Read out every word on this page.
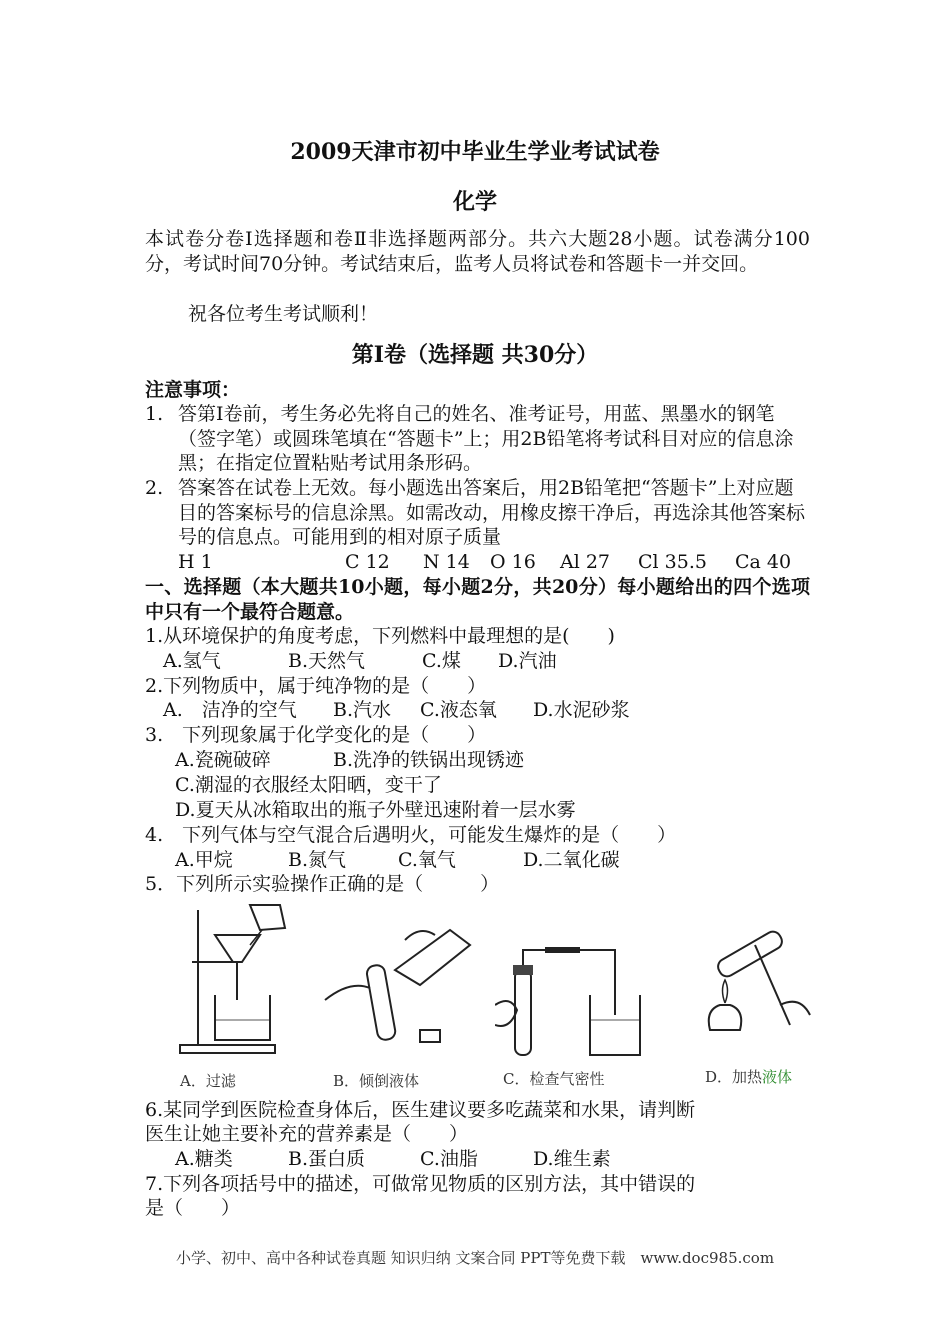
2009天津市初中毕业生学业考试试卷
化学
本试卷分卷Ⅰ选择题和卷Ⅱ非选择题两部分。共六大题28小题。试卷满分100分，考试时间70分钟。考试结束后，监考人员将试卷和答题卡一并交回。
祝各位考生考试顺利！
第Ⅰ卷（选择题 共30分）
注意事项：
1. 答第Ⅰ卷前，考生务必先将自己的姓名、准考证号，用蓝、黑墨水的钢笔（签字笔）或圆珠笔填在“答题卡”上；用2B铅笔将考试科目对应的信息涂黑；在指定位置粘贴考试用条形码。
2. 答案答在试卷上无效。每小题选出答案后，用2B铅笔把“答题卡”上对应题目的答案标号的信息涂黑。如需改动，用橡皮擦干净后，再选涂其他答案标号的信息点。可能用到的相对原子质量
H 1	C 12 N 14 O 16 Al 27 Cl 35.5 Ca 40
一、选择题（本大题共10小题，每小题2分，共20分）每小题给出的四个选项中只有一个最符合题意。
1.从环境保护的角度考虑，下列燃料中最理想的是(　　)
A.氢气	B.天然气	C.煤 D.汽油
2.下列物质中，属于纯净物的是（　　）
A.　洁净的空气 B.汽水 C.液态氧 D.水泥砂浆
3.　下列现象属于化学变化的是（　　）
A.瓷碗破碎	B.洗净的铁锅出现锈迹
C.潮湿的衣服经太阳晒，变干了
D.夏天从冰箱取出的瓶子外壁迅速附着一层水雾
4.　下列气体与空气混合后遇明火，可能发生爆炸的是（　　）
A.甲烷	B.氮气	C.氧气	D.二氧化碳
5．下列所示实验操作正确的是（　　　）
A．过滤	B．倾倒液体	C．检查气密性	D．加热液体
6.某同学到医院检查身体后，医生建议要多吃蔬菜和水果，请判断
医生让她主要补充的营养素是（　　）
A.糖类	B.蛋白质	C.油脂	D.维生素
7.下列各项括号中的描述，可做常见物质的区别方法，其中错误的
是（　　）
小学、初中、高中各种试卷真题 知识归纳 文案合同 PPT等免费下载　www.doc985.com
